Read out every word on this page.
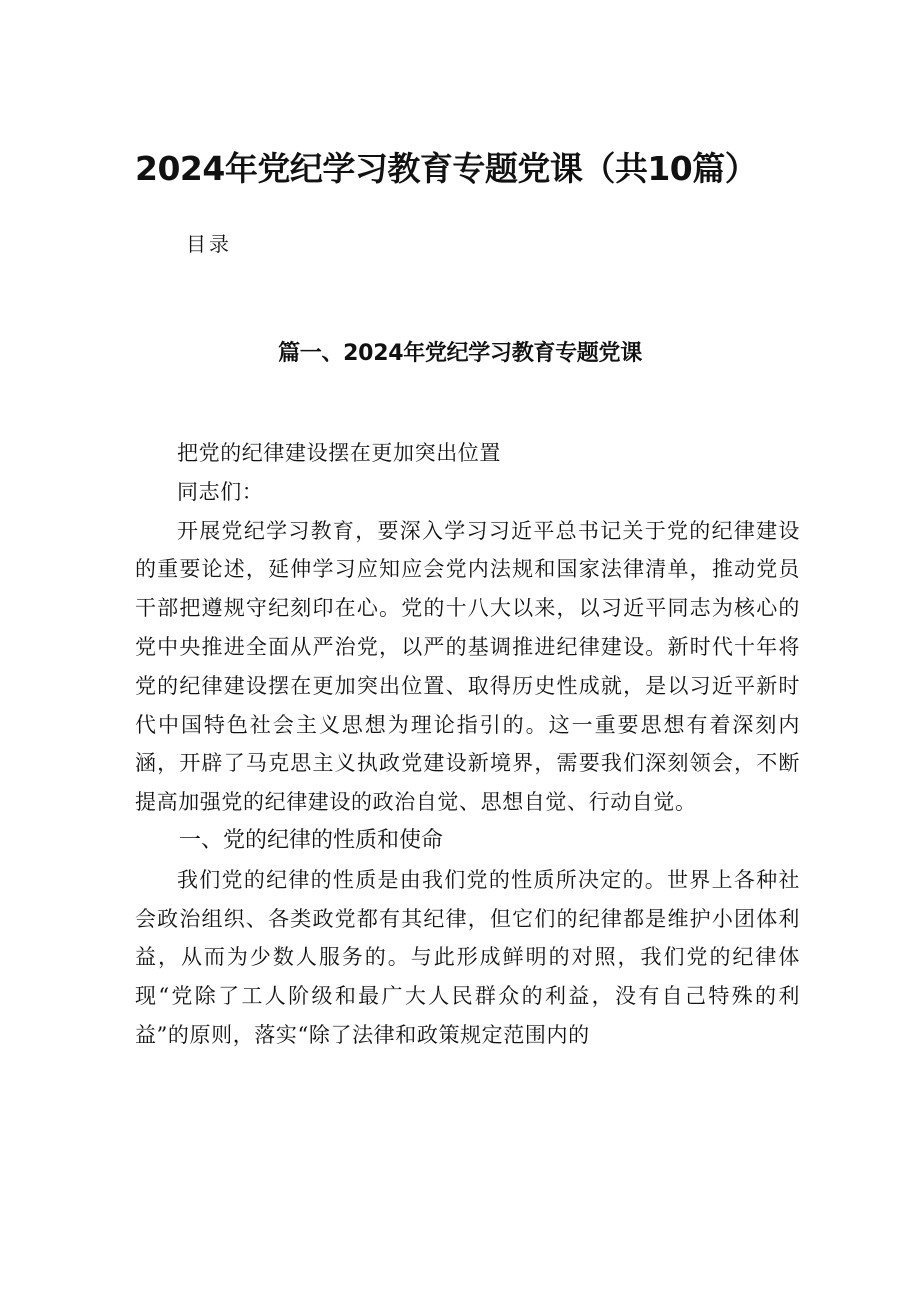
2024年党纪学习教育专题党课（共10篇）
目录
篇一、2024年党纪学习教育专题党课

把党的纪律建设摆在更加突出位置

同志们：

开展党纪学习教育，要深入学习习近平总书记关于党的纪律建设的重要论述，延伸学习应知应会党内法规和国家法律清单，推动党员干部把遵规守纪刻印在心。党的十八大以来，以习近平同志为核心的党中央推进全面从严治党，以严的基调推进纪律建设。新时代十年将党的纪律建设摆在更加突出位置、取得历史性成就，是以习近平新时代中国特色社会主义思想为理论指引的。这一重要思想有着深刻内涵，开辟了马克思主义执政党建设新境界，需要我们深刻领会，不断提高加强党的纪律建设的政治自觉、思想自觉、行动自觉。

一、党的纪律的性质和使命

我们党的纪律的性质是由我们党的性质所决定的。世界上各种社会政治组织、各类政党都有其纪律，但它们的纪律都是维护小团体利益，从而为少数人服务的。与此形成鲜明的对照，我们党的纪律体现“党除了工人阶级和最广大人民群众的利益，没有自己特殊的利益”的原则，落实“除了法律和政策规定范围内的
